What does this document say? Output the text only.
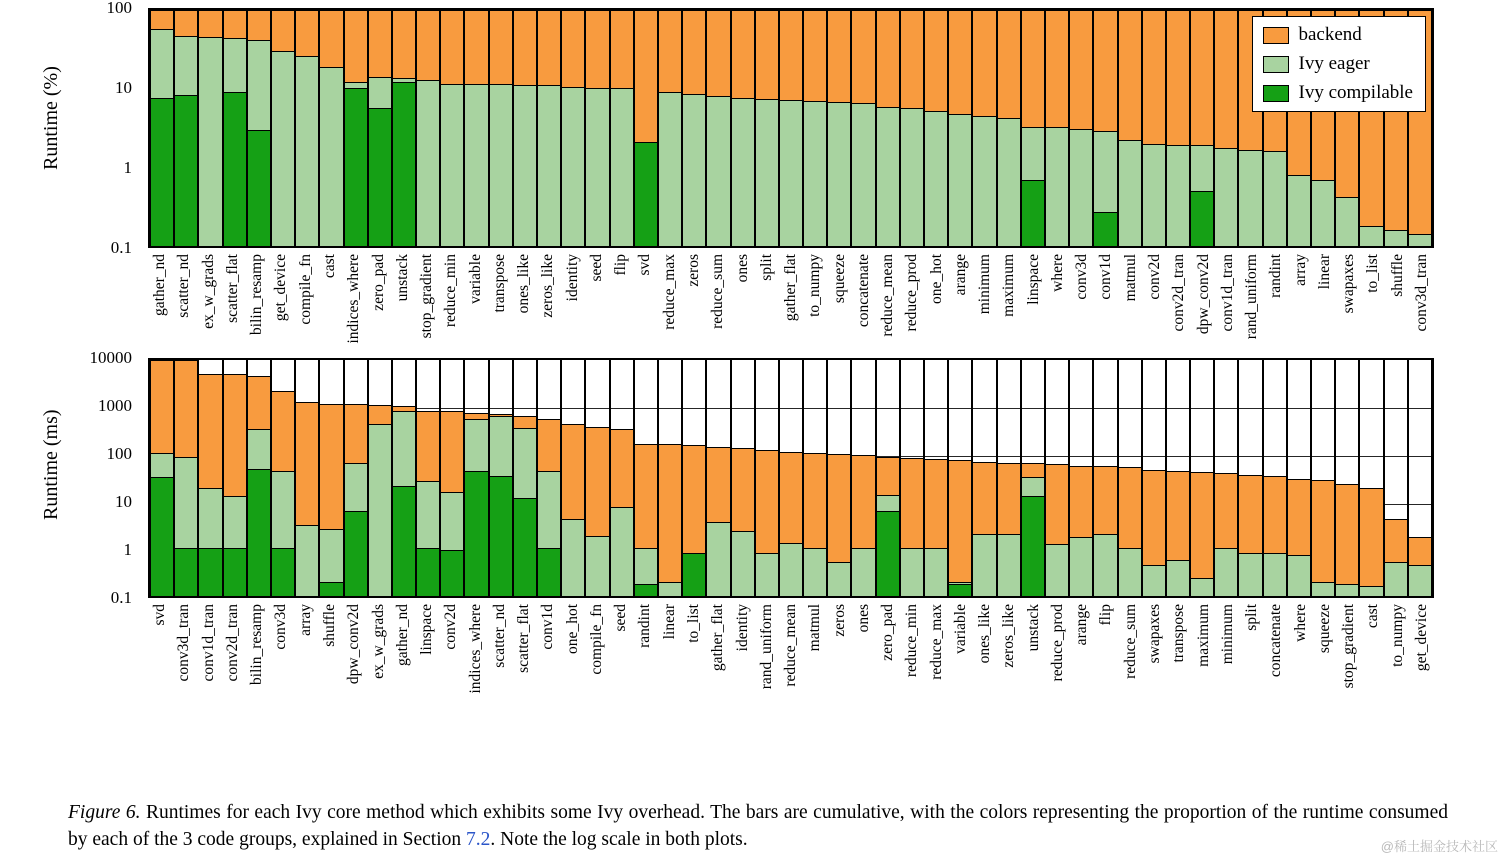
Runtime (%)
0.1
1
10
100
backend
Ivy eager
Ivy compilable
gather_nd scatter_nd ex_w_grads scatter_flat bilin_resamp get_device compile_fn cast indices_where zero_pad unstack stop_gradient reduce_min variable transpose ones_like zeros_like identity seed flip svd reduce_max zeros reduce_sum ones split gather_flat to_numpy squeeze concatenate reduce_mean reduce_prod one_hot arange minimum maximum linspace where conv3d conv1d matmul conv2d conv2d_tran dpw_conv2d conv1d_tran rand_uniform randint array linear swapaxes to_list shuffle conv3d_tran
Runtime (ms)
0.1
1
10
100
1000
10000
svd conv3d_tran conv1d_tran conv2d_tran bilin_resamp conv3d array shuffle dpw_conv2d ex_w_grads gather_nd linspace conv2d indices_where scatter_nd scatter_flat conv1d one_hot compile_fn seed randint linear to_list gather_flat identity rand_uniform reduce_mean matmul zeros ones zero_pad reduce_min reduce_max variable ones_like zeros_like unstack reduce_prod arange flip reduce_sum swapaxes transpose maximum minimum split concatenate where squeeze stop_gradient cast to_numpy get_device
Figure 6. Runtimes for each Ivy core method which exhibits some Ivy overhead. The bars are cumulative, with the colors representing the proportion of the runtime consumed by each of the 3 code groups, explained in Section 7.2. Note the log scale in both plots.	@稀土掘金技术社区
